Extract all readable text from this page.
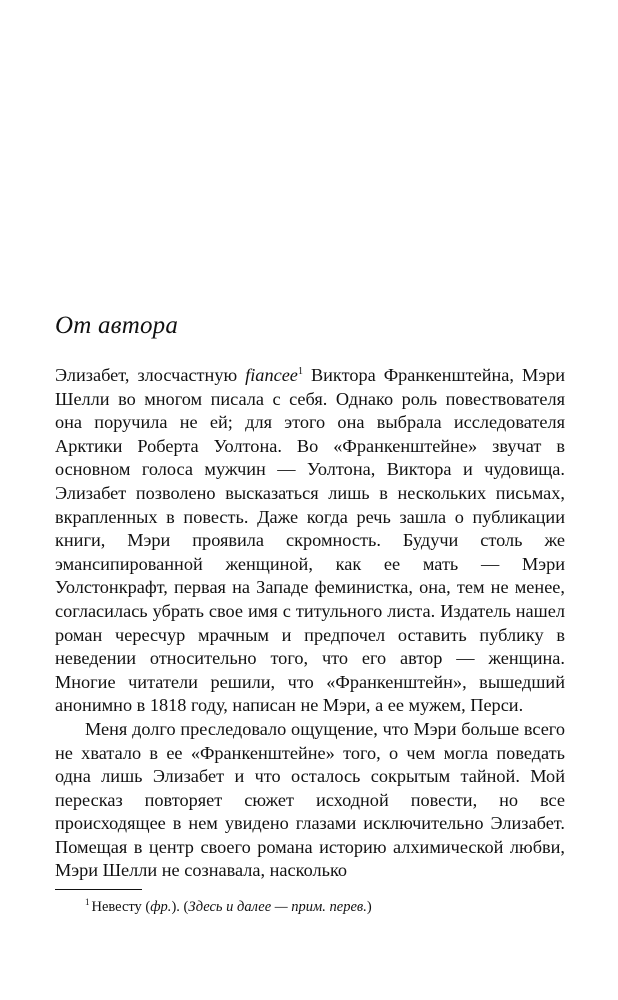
От автора

Элизабет, злосчастную fiancee$^1$ Виктора Франкенштейна, Мэри Шелли во многом писала с себя. Однако роль повествователя она поручила не ей; для этого она выбрала исследователя Арктики Роберта Уолтона. Во «Франкенштейне» звучат в основном голоса мужчин — Уолтона, Виктора и чудовища. Элизабет позволено высказаться лишь в нескольких письмах, вкрапленных в повесть. Даже когда речь зашла о публикации книги, Мэри проявила скромность. Будучи столь же эмансипированной женщиной, как ее мать — Мэри Уолстонкрафт, первая на Западе феминистка, она, тем не менее, согласилась убрать свое имя с титульного листа. Издатель нашел роман чересчур мрачным и предпочел оставить публику в неведении относительно того, что его автор — женщина. Многие читатели решили, что «Франкенштейн», вышедший анонимно в 1818 году, написан не Мэри, а ее мужем, Перси.

Меня долго преследовало ощущение, что Мэри больше всего не хватало в ее «Франкенштейне» того, о чем могла поведать одна лишь Элизабет и что осталось сокрытым тайной. Мой пересказ повторяет сюжет исходной повести, но все происходящее в нем увидено глазами исключительно Элизабет. Помещая в центр своего романа историю алхимической любви, Мэри Шелли не сознавала, насколько

$^1$ Невесту (фр.). (Здесь и далее — прим. перев.)
